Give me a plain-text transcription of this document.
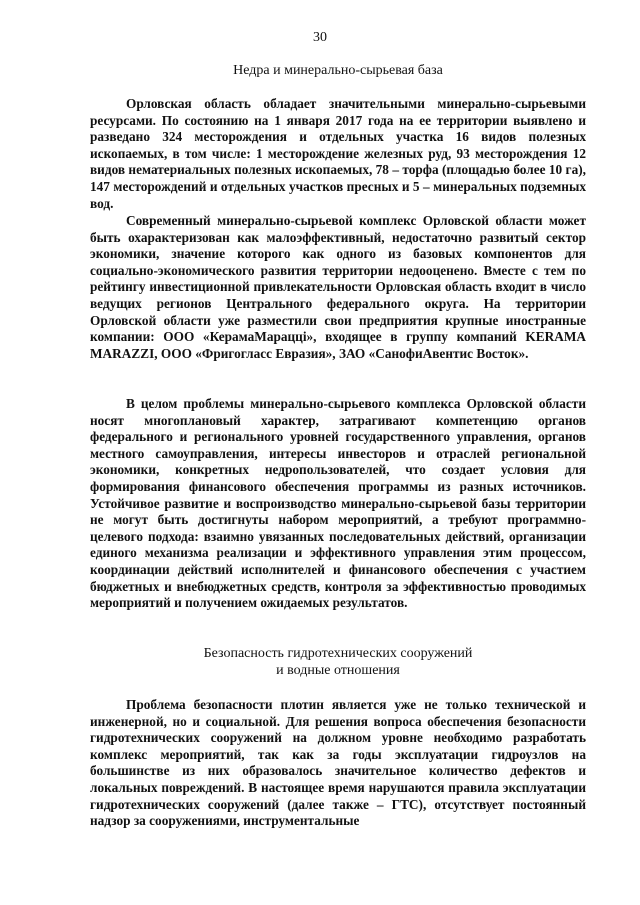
30
Недра и минерально-сырьевая база

Орловская область обладает значительными минерально-сырьевыми ресурсами. По состоянию на 1 января 2017 года на ее территории выявлено и разведано 324 месторождения и отдельных участка 16 видов полезных ископаемых, в том числе: 1 месторождение железных руд, 93 месторождения 12 видов нематериальных полезных ископаемых, 78 – торфа (площадью более 10 га), 147 месторождений и отдельных участков пресных и 5 – минеральных подземных вод.

Современный минерально-сырьевой комплекс Орловской области может быть охарактеризован как малоэффективный, недостаточно развитый сектор экономики, значение которого как одного из базовых компонентов для социально-экономического развития территории недооценено. Вместе с тем по рейтингу инвестиционной привлекательности Орловская область входит в число ведущих регионов Центрального федерального округа. На территории Орловской области уже разместили свои предприятия крупные иностранные компании: ООО «КерамаМараццi», входящее в группу компаний KERAMA MARAZZI, ООО «Фригогласс Евразия», ЗАО «СанофиАвентис Восток».

В целом проблемы минерально-сырьевого комплекса Орловской области носят многоплановый характер, затрагивают компетенцию органов федерального и регионального уровней государственного управления, органов местного самоуправления, интересы инвесторов и отраслей региональной экономики, конкретных недропользователей, что создает условия для формирования финансового обеспечения программы из разных источников. Устойчивое развитие и воспроизводство минерально-сырьевой базы территории не могут быть достигнуты набором мероприятий, а требуют программно-целевого подхода: взаимно увязанных последовательных действий, организации единого механизма реализации и эффективного управления этим процессом, координации действий исполнителей и финансового обеспечения с участием бюджетных и внебюджетных средств, контроля за эффективностью проводимых мероприятий и получением ожидаемых результатов.

Безопасность гидротехнических сооружений
и водные отношения

Проблема безопасности плотин является уже не только технической и инженерной, но и социальной. Для решения вопроса обеспечения безопасности гидротехнических сооружений на должном уровне необходимо разработать комплекс мероприятий, так как за годы эксплуатации гидроузлов на большинстве из них образовалось значительное количество дефектов и локальных повреждений. В настоящее время нарушаются правила эксплуатации гидротехнических сооружений (далее также – ГТС), отсутствует постоянный надзор за сооружениями, инструментальные
